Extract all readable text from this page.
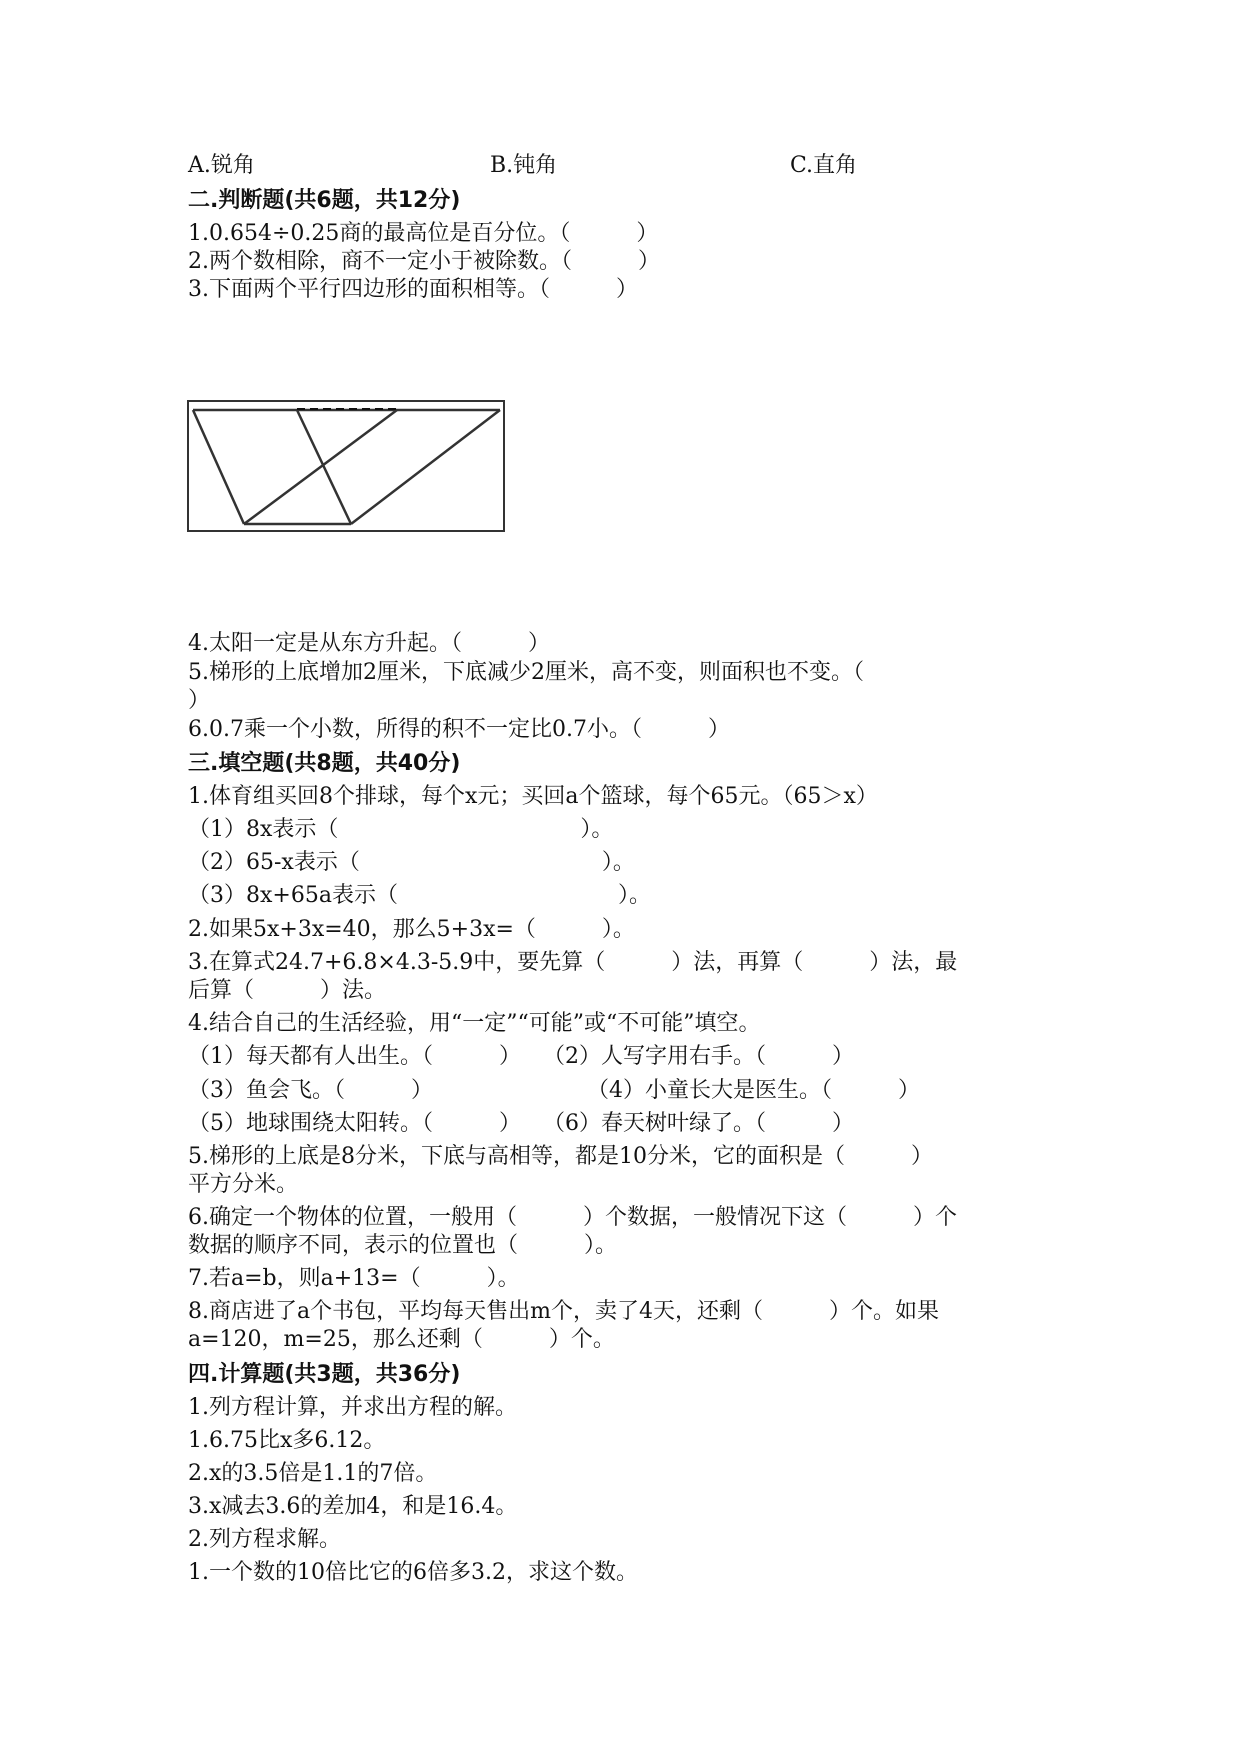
A.锐角	B.钝角	C.直角
二.判断题(共6题，共12分)
1.0.654÷0.25商的最高位是百分位。（　　　）
2.两个数相除，商不一定小于被除数。（　　　）
3.下面两个平行四边形的面积相等。（　　　）
4.太阳一定是从东方升起。（　　　）
5.梯形的上底增加2厘米，下底减少2厘米，高不变，则面积也不变。（
）
6.0.7乘一个小数，所得的积不一定比0.7小。（　　　）
三.填空题(共8题，共40分)
1.体育组买回8个排球，每个x元；买回a个篮球，每个65元。（65＞x）
（1）8x表示（　　　　　　　　　　　）。
（2）65-x表示（　　　　　　　　　　　）。
（3）8x+65a表示（　　　　　　　　　　）。
2.如果5x+3x=40，那么5+3x=（　　　）。
3.在算式24.7+6.8×4.3-5.9中，要先算（　　　）法，再算（　　　）法，最
后算（　　　）法。
4.结合自己的生活经验，用“一定”“可能”或“不可能”填空。
（1）每天都有人出生。（　　　）　　（2）人写字用右手。（　　　）
（3）鱼会飞。（　　　）　　　　　　　　（4）小童长大是医生。（　　　）
（5）地球围绕太阳转。（　　　）　　（6）春天树叶绿了。（　　　）
5.梯形的上底是8分米，下底与高相等，都是10分米，它的面积是（　　　）
平方分米。
6.确定一个物体的位置，一般用（　　　）个数据，一般情况下这（　　　）个
数据的顺序不同，表示的位置也（　　　）。
7.若a=b，则a+13=（　　　）。
8.商店进了a个书包，平均每天售出m个，卖了4天，还剩（　　　）个。如果
a=120，m=25，那么还剩（　　　）个。
四.计算题(共3题，共36分)
1.列方程计算，并求出方程的解。
1.6.75比x多6.12。
2.x的3.5倍是1.1的7倍。
3.x减去3.6的差加4，和是16.4。
2.列方程求解。
1.一个数的10倍比它的6倍多3.2，求这个数。
